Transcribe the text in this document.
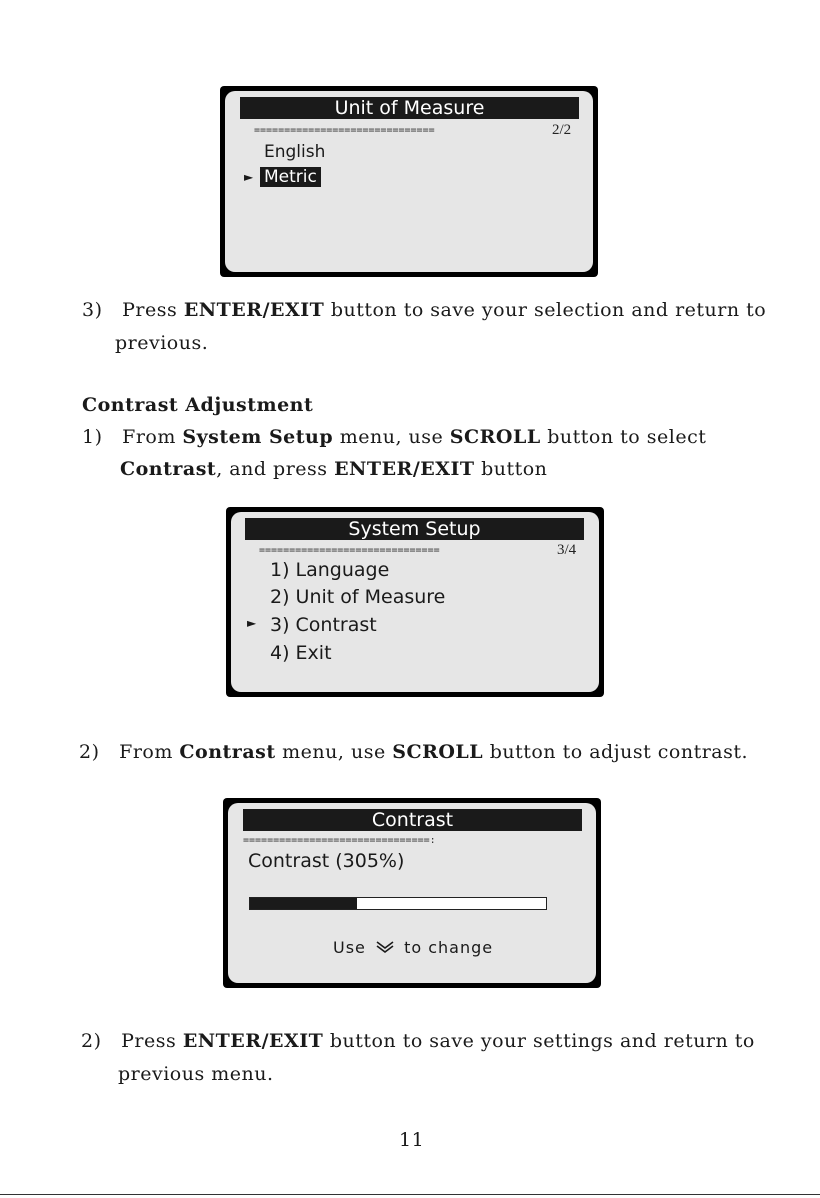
Unit of Measure
==============================	2/2
English
► Metric
3) Press ENTER/EXIT button to save your selection and return to
previous.
Contrast Adjustment
1) From System Setup menu, use SCROLL button to select
Contrast, and press ENTER/EXIT button
System Setup
==============================	3/4
1) Language
2) Unit of Measure
► 3) Contrast
4) Exit
2) From Contrast menu, use SCROLL button to adjust contrast.
Contrast
===============================:
Contrast (305%)
Use to change
2) Press ENTER/EXIT button to save your settings and return to
previous menu.
11
